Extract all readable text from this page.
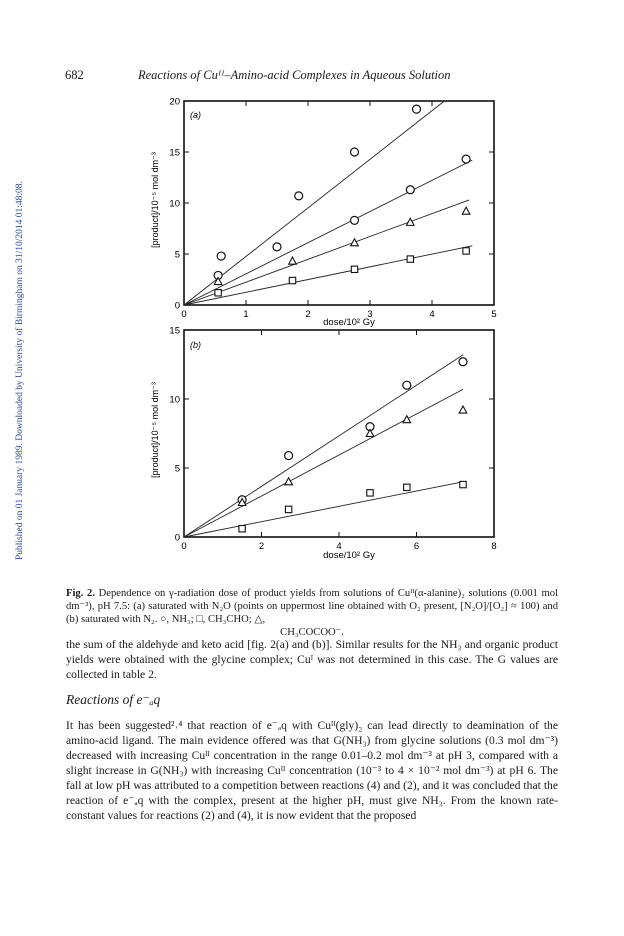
Published on 01 January 1989. Downloaded by University of Birmingham on 31/10/2014 01:48:08.
682	Reactions of Cuᴵᴵ–Amino-acid Complexes in Aqueous Solution
0	1	2	3	4	5
0
5
10
15
20
(a)
dose/10² Gy
[product]/10⁻⁵ mol dm⁻³
0	2	4	6	8
0
5
10
15
(b)
dose/10² Gy
[product]/10⁻⁵ mol dm⁻³
Fig. 2. Dependence on γ-radiation dose of product yields from solutions of Cuᴵᴵ(α-alanine)₂ solutions (0.001 mol dm⁻³), pH 7.5: (a) saturated with N₂O (points on uppermost line obtained with O₂ present, [N₂O]/[O₂] ≈ 100) and (b) saturated with N₂. ○, NH₃; □, CH₃CHO; △,
CH₃COCOO⁻.
the sum of the aldehyde and keto acid [fig. 2(a) and (b)]. Similar results for the NH₃ and organic product yields were obtained with the glycine complex; Cuᴵ was not determined in this case. The G values are collected in table 2.
Reactions of e⁻ₐq
It has been suggested²˒⁴ that reaction of e⁻ₐq with Cuᴵᴵ(gly)₂ can lead directly to deamination of the amino-acid ligand. The main evidence offered was that G(NH₃) from glycine solutions (0.3 mol dm⁻³) decreased with increasing Cuᴵᴵ concentration in the range 0.01–0.2 mol dm⁻³ at pH 3, compared with a slight increase in G(NH₃) with increasing Cuᴵᴵ concentration (10⁻³ to 4 × 10⁻² mol dm⁻³) at pH 6. The fall at low pH was attributed to a competition between reactions (4) and (2), and it was concluded that the reaction of e⁻ₐq with the complex, present at the higher pH, must give NH₃. From the known rate-constant values for reactions (2) and (4), it is now evident that the proposed
